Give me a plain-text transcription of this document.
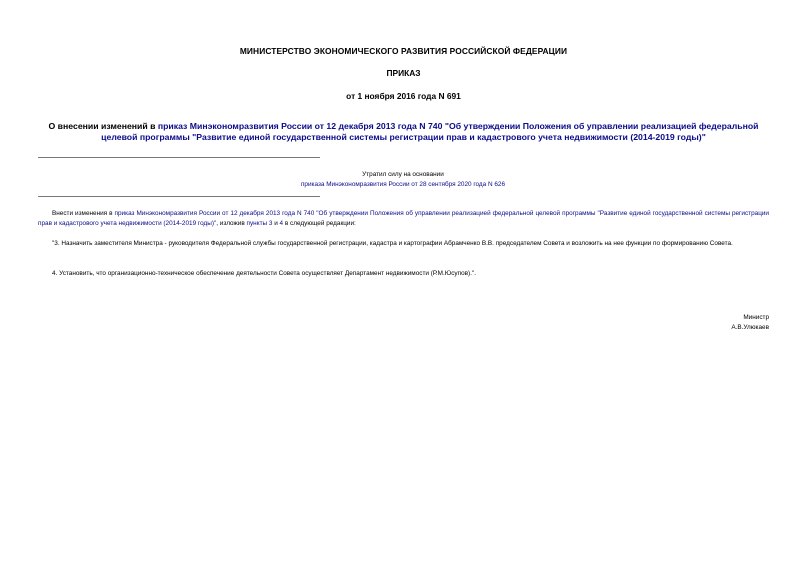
МИНИСТЕРСТВО ЭКОНОМИЧЕСКОГО РАЗВИТИЯ РОССИЙСКОЙ ФЕДЕРАЦИИ
ПРИКАЗ
от 1 ноября 2016 года N 691
О внесении изменений в приказ Минэкономразвития России от 12 декабря 2013 года N 740 "Об утверждении Положения об управлении реализацией федеральной целевой программы "Развитие единой государственной системы регистрации прав и кадастрового учета недвижимости (2014-2019 годы)"
Утратил силу на основании
приказа Минэкономразвития России от 28 сентября 2020 года N 626
Внести изменения в приказ Минэкономразвития России от 12 декабря 2013 года N 740 "Об утверждении Положения об управлении реализацией федеральной целевой программы "Развитие единой государственной системы регистрации прав и кадастрового учета недвижимости (2014-2019 годы)", изложив пункты 3 и 4 в следующей редакции:
"3. Назначить заместителя Министра - руководителя Федеральной службы государственной регистрации, кадастра и картографии Абрамченко В.В. председателем Совета и возложить на нее функции по формированию Совета.
4. Установить, что организационно-техническое обеспечение деятельности Совета осуществляет Департамент недвижимости (Р.М.Юсупов).".
Министр
А.В.Улюкаев
